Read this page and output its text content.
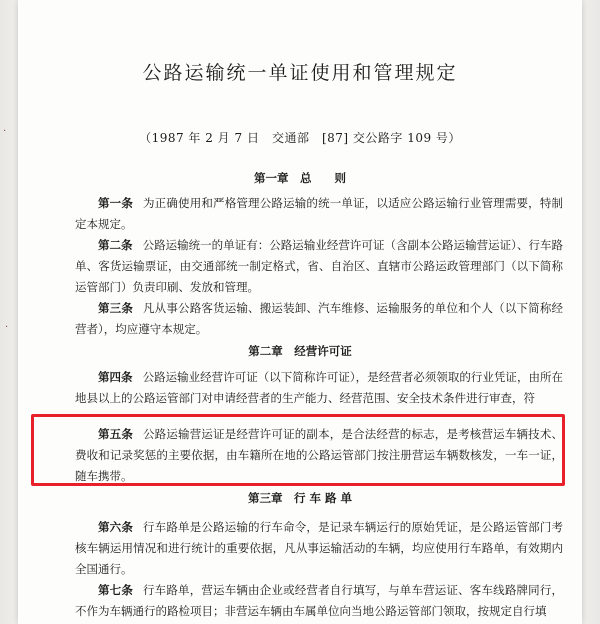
·
·
公路运输统一单证使用和管理规定
（1987 年 2 月 7 日　交通部　[87] 交公路字 109 号）
第一章　总　　则
第一条 为正确使用和严格管理公路运输的统一单证，以适应公路运输行业管理需要，特制定本规定。
第二条 公路运输统一的单证有：公路运输业经营许可证（含副本公路运输营运证）、行车路单、客货运输票证，由交通部统一制定格式，省、自治区、直辖市公路运政管理部门（以下简称运管部门）负责印刷、发放和管理。
第三条 凡从事公路客货运输、搬运装卸、汽车维修、运输服务的单位和个人（以下简称经营者），均应遵守本规定。
第二章　经营许可证
第四条 公路运输业经营许可证（以下简称许可证），是经营者必须领取的行业凭证，由所在地县以上的公路运管部门对申请经营者的生产能力、经营范围、安全技术条件进行审查，符
第五条 公路运输营运证是经营许可证的副本，是合法经营的标志，是考核营运车辆技术、费收和记录奖惩的主要依据，由车籍所在地的公路运管部门按注册营运车辆数核发，一车一证，随车携带。
第三章　行 车 路 单
第六条 行车路单是公路运输的行车命令，是记录车辆运行的原始凭证，是公路运管部门考核车辆运用情况和进行统计的重要依据，凡从事运输活动的车辆，均应使用行车路单，有效期内全国通行。
第七条 行车路单，营运车辆由企业或经营者自行填写，与单车营运证、客车线路牌同行，不作为车辆通行的路检项目；非营运车辆由车属单位向当地公路运管部门领取，按规定自行填
